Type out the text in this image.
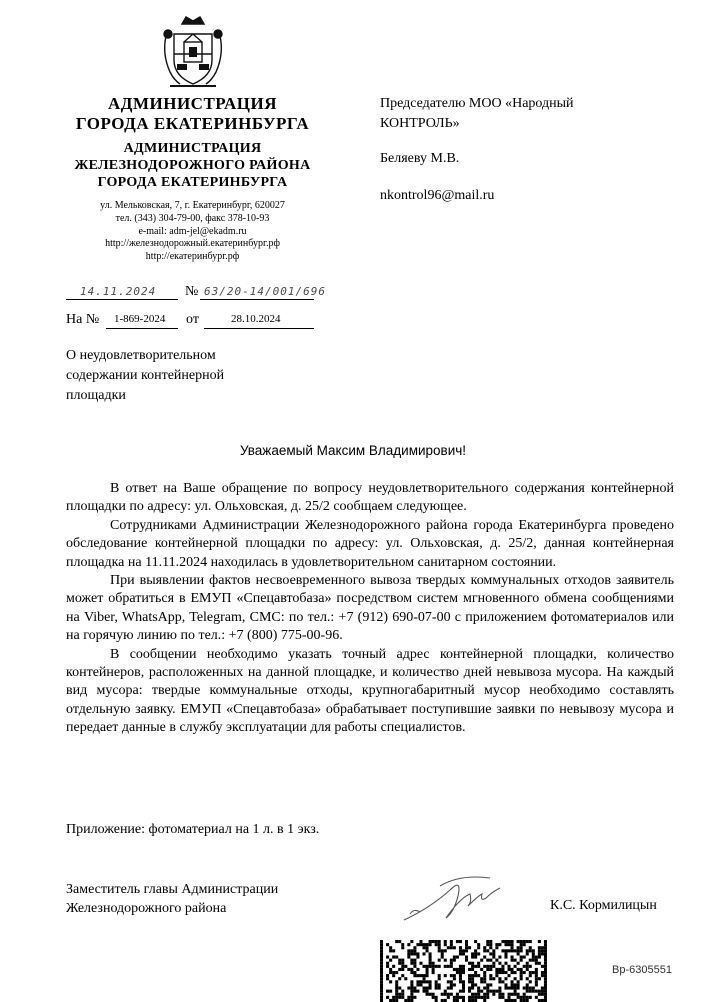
АДМИНИСТРАЦИЯ
ГОРОДА ЕКАТЕРИНБУРГА
АДМИНИСТРАЦИЯ
ЖЕЛЕЗНОДОРОЖНОГО РАЙОНА
ГОРОДА ЕКАТЕРИНБУРГА
ул. Мельковская, 7, г. Екатеринбург, 620027
тел. (343) 304-79-00, факс 378-10-93
e-mail: adm-jel@ekadm.ru
http://железнодорожный.екатеринбург.рф
http://екатеринбург.рф
Председателю МОО «Народный КОНТРОЛЬ»
Беляеву М.В.
nkontrol96@mail.ru
14.11.2024 № 63/20-14/001/696
На № 1-869-2024 от	28.10.2024
О неудовлетворительном содержании контейнерной площадки
Уважаемый Максим Владимирович!

В ответ на Ваше обращение по вопросу неудовлетворительного содержания контейнерной площадки по адресу: ул. Ольховская, д. 25/2 сообщаем следующее.

Сотрудниками Администрации Железнодорожного района города Екатеринбурга проведено обследование контейнерной площадки по адресу: ул. Ольховская, д. 25/2, данная контейнерная площадка на 11.11.2024 находилась в удовлетворительном санитарном состоянии.

При выявлении фактов несвоевременного вывоза твердых коммунальных отходов заявитель может обратиться в ЕМУП «Спецавтобаза» посредством систем мгновенного обмена сообщениями на Viber, WhatsApp, Telegram, СМС: по тел.: +7 (912) 690-07-00 с приложением фотоматериалов или на горячую линию по тел.: +7 (800) 775-00-96.

В сообщении необходимо указать точный адрес контейнерной площадки, количество контейнеров, расположенных на данной площадке, и количество дней невывоза мусора. На каждый вид мусора: твердые коммунальные отходы, крупногабаритный мусор необходимо составлять отдельную заявку. ЕМУП «Спецавтобаза» обрабатывает поступившие заявки по невывозу мусора и передает данные в службу эксплуатации для работы специалистов.

Приложение: фотоматериал на 1 л. в 1 экз.
Заместитель главы Администрации
Железнодорожного района	К.С. Кормилицын
Вр-6305551
